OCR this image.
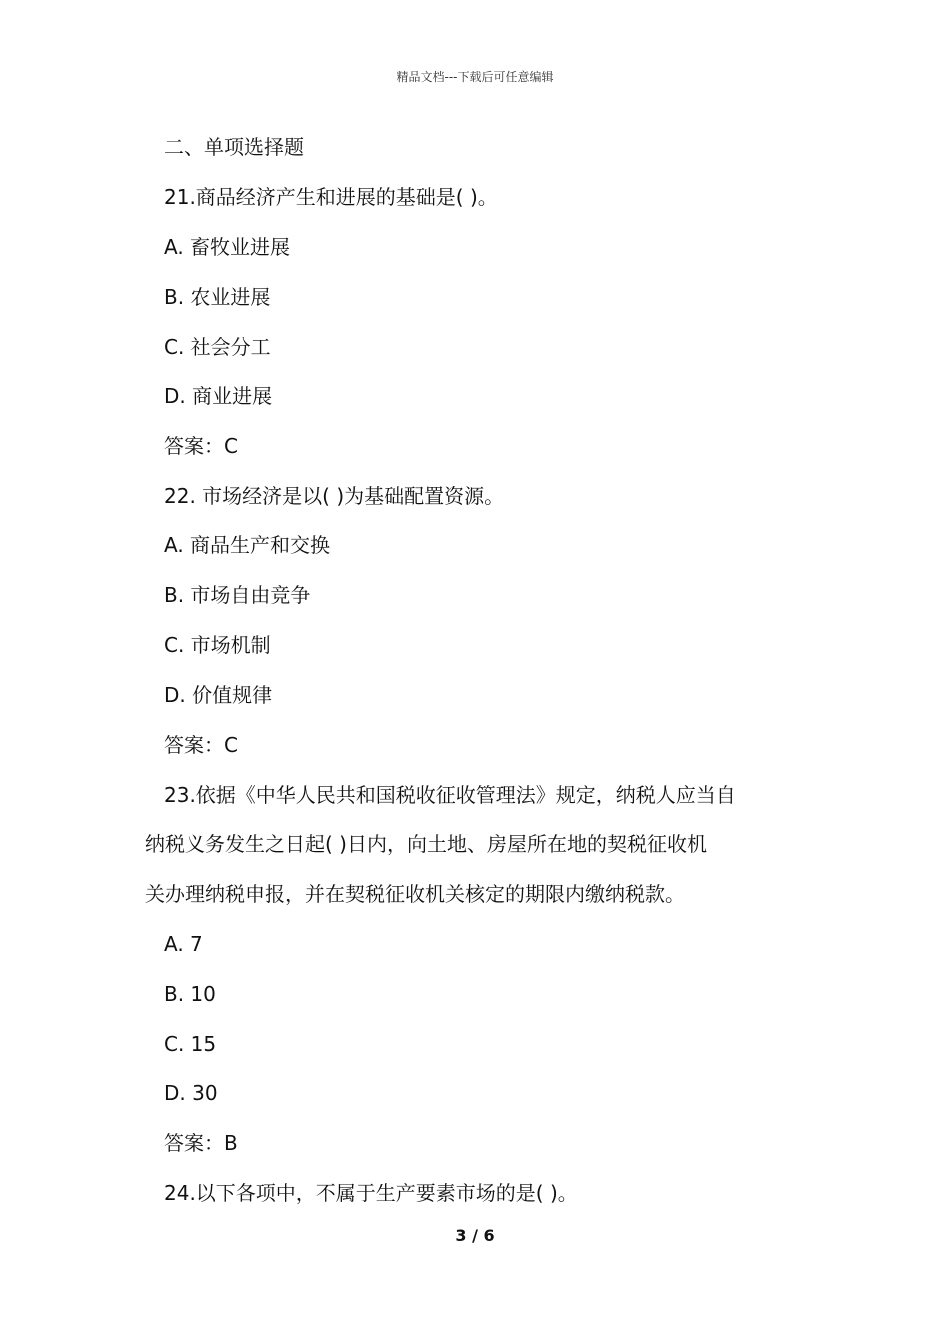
精品文档---下载后可任意编辑
二、单项选择题
21.商品经济产生和进展的基础是( )。
A. 畜牧业进展
B. 农业进展
C. 社会分工
D. 商业进展
答案：C
22. 市场经济是以( )为基础配置资源。
A. 商品生产和交换
B. 市场自由竞争
C. 市场机制
D. 价值规律
答案：C
23.依据《中华人民共和国税收征收管理法》规定，纳税人应当自
纳税义务发生之日起( )日内，向土地、房屋所在地的契税征收机
关办理纳税申报，并在契税征收机关核定的期限内缴纳税款。
A. 7
B. 10
C. 15
D. 30
答案：B
24.以下各项中，不属于生产要素市场的是( )。
3 / 6
